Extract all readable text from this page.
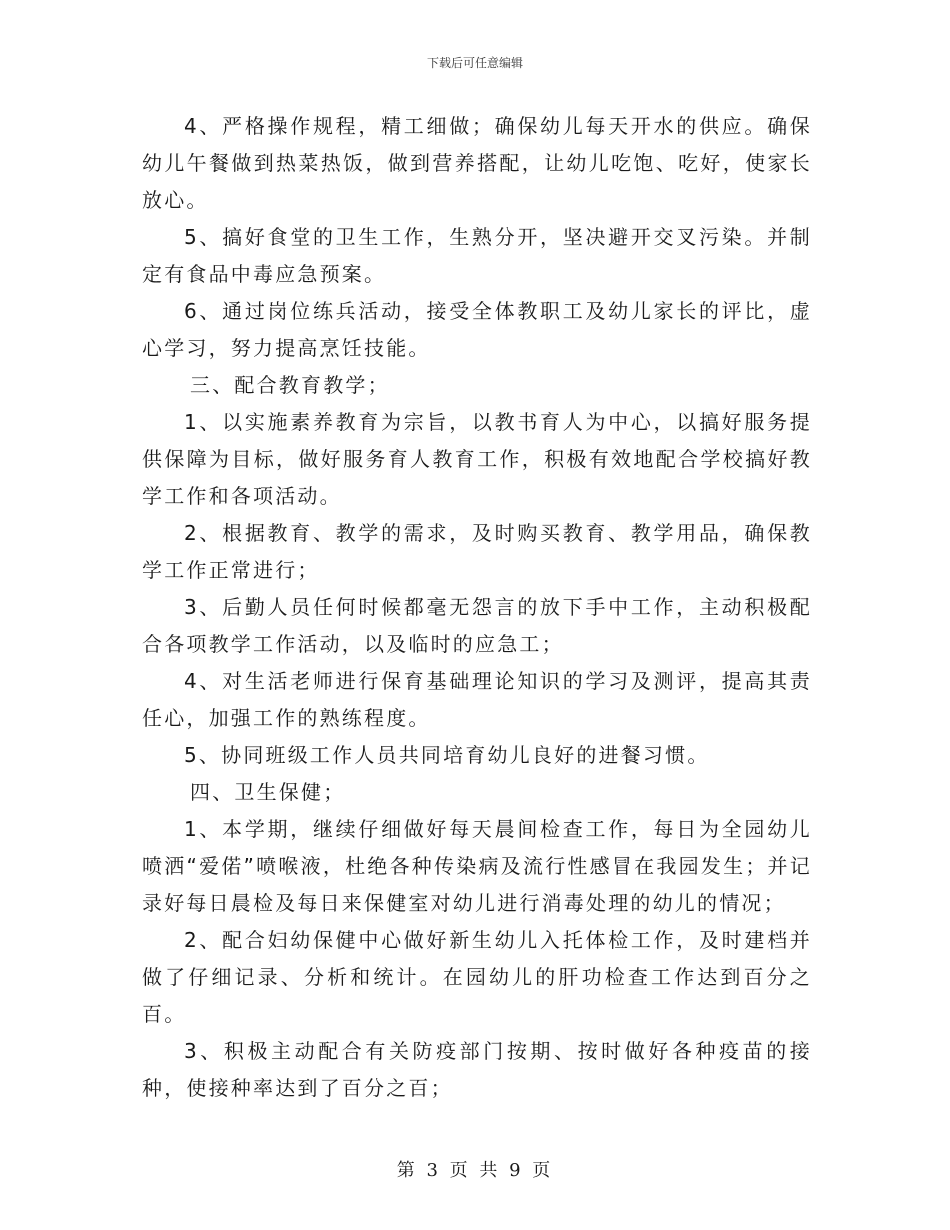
下载后可任意编辑

4、严格操作规程，精工细做；确保幼儿每天开水的供应。确保幼儿午餐做到热菜热饭，做到营养搭配，让幼儿吃饱、吃好，使家长放心。

5、搞好食堂的卫生工作，生熟分开，坚决避开交叉污染。并制定有食品中毒应急预案。

6、通过岗位练兵活动，接受全体教职工及幼儿家长的评比，虚心学习，努力提高烹饪技能。

三、配合教育教学；

1、以实施素养教育为宗旨，以教书育人为中心，以搞好服务提供保障为目标，做好服务育人教育工作，积极有效地配合学校搞好教学工作和各项活动。

2、根据教育、教学的需求，及时购买教育、教学用品，确保教学工作正常进行；

3、后勤人员任何时候都毫无怨言的放下手中工作，主动积极配合各项教学工作活动，以及临时的应急工；

4、对生活老师进行保育基础理论知识的学习及测评，提高其责任心，加强工作的熟练程度。

5、协同班级工作人员共同培育幼儿良好的进餐习惯。

四、卫生保健；

1、本学期，继续仔细做好每天晨间检查工作，每日为全园幼儿喷洒“爱偌”喷喉液，杜绝各种传染病及流行性感冒在我园发生；并记录好每日晨检及每日来保健室对幼儿进行消毒处理的幼儿的情况；

2、配合妇幼保健中心做好新生幼儿入托体检工作，及时建档并做了仔细记录、分析和统计。在园幼儿的肝功检查工作达到百分之百。

3、积极主动配合有关防疫部门按期、按时做好各种疫苗的接种，使接种率达到了百分之百；

第 3 页 共 9 页
